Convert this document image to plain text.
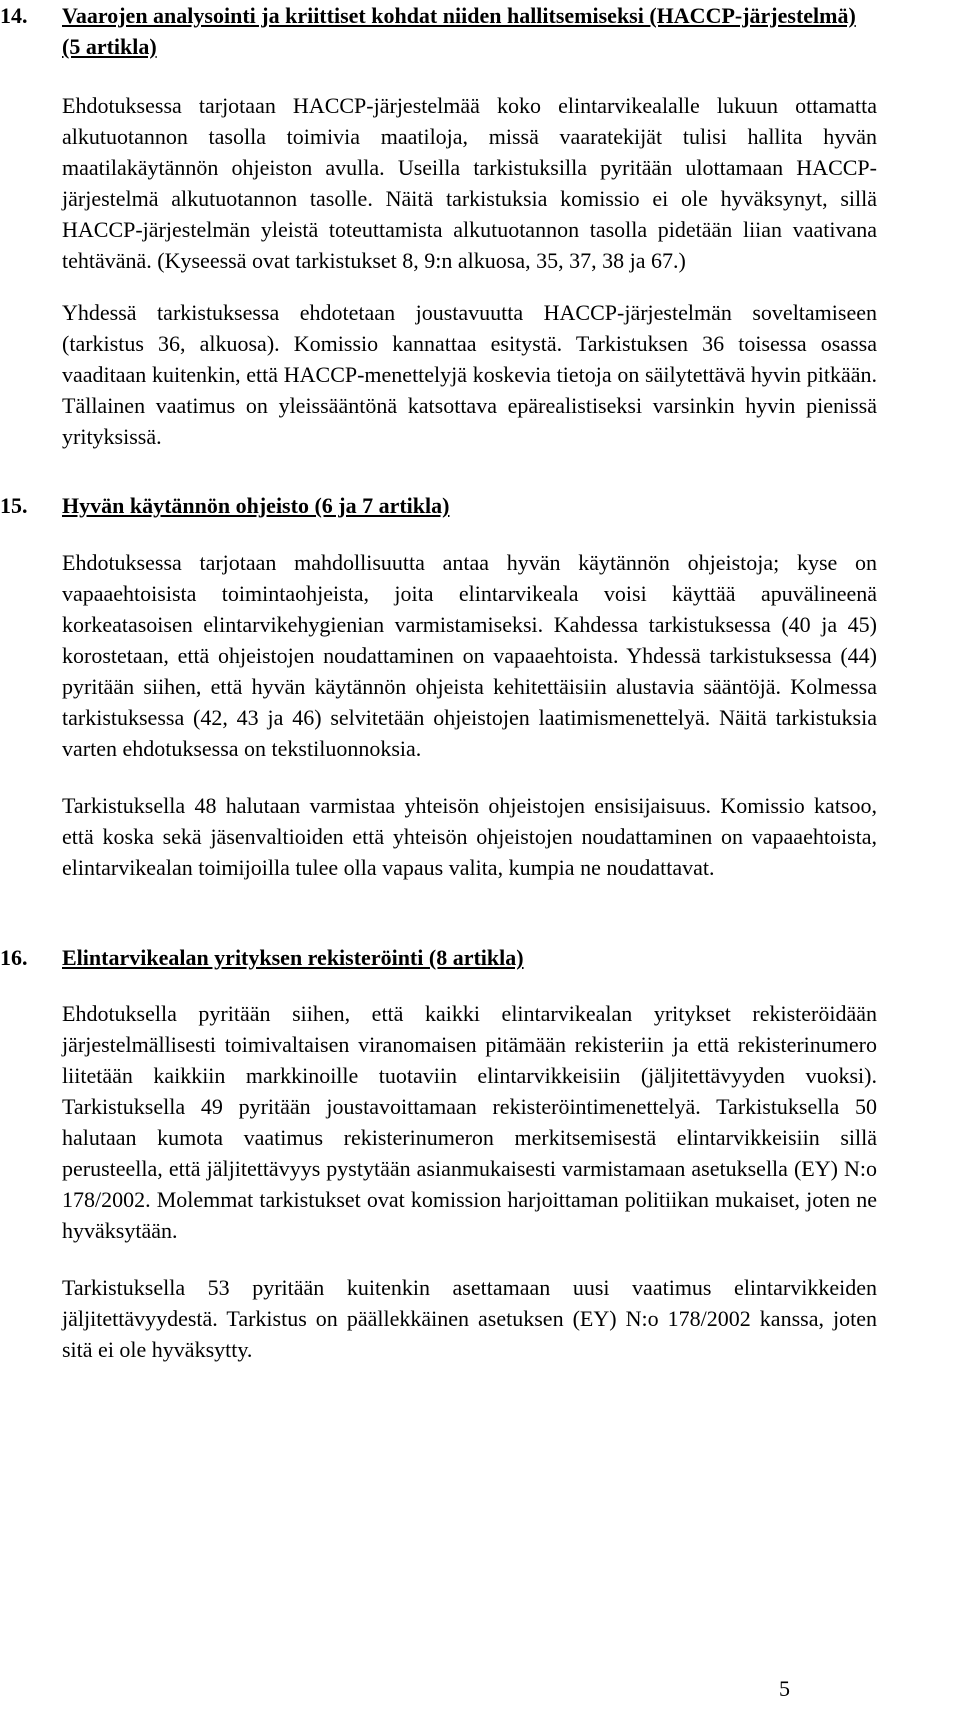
14. Vaarojen analysointi ja kriittiset kohdat niiden hallitsemiseksi (HACCP-järjestelmä) (5 artikla)

Ehdotuksessa tarjotaan HACCP-järjestelmää koko elintarvikealalle lukuun ottamatta alkutuotannon tasolla toimivia maatiloja, missä vaaratekijät tulisi hallita hyvän maatilakäytännön ohjeiston avulla. Useilla tarkistuksilla pyritään ulottamaan HACCP-järjestelmä alkutuotannon tasolle. Näitä tarkistuksia komissio ei ole hyväksynyt, sillä HACCP-järjestelmän yleistä toteuttamista alkutuotannon tasolla pidetään liian vaativana tehtävänä. (Kyseessä ovat tarkistukset 8, 9:n alkuosa, 35, 37, 38 ja 67.)

Yhdessä tarkistuksessa ehdotetaan joustavuutta HACCP-järjestelmän soveltamiseen (tarkistus 36, alkuosa). Komissio kannattaa esitystä. Tarkistuksen 36 toisessa osassa vaaditaan kuitenkin, että HACCP-menettelyjä koskevia tietoja on säilytettävä hyvin pitkään. Tällainen vaatimus on yleissääntönä katsottava epärealistiseksi varsinkin hyvin pienissä yrityksissä.

15. Hyvän käytännön ohjeisto (6 ja 7 artikla)

Ehdotuksessa tarjotaan mahdollisuutta antaa hyvän käytännön ohjeistoja; kyse on vapaaehtoisista toimintaohjeista, joita elintarvikeala voisi käyttää apuvälineenä korkeatasoisen elintarvikehygienian varmistamiseksi. Kahdessa tarkistuksessa (40 ja 45) korostetaan, että ohjeistojen noudattaminen on vapaaehtoista. Yhdessä tarkistuksessa (44) pyritään siihen, että hyvän käytännön ohjeista kehitettäisiin alustavia sääntöjä. Kolmessa tarkistuksessa (42, 43 ja 46) selvitetään ohjeistojen laatimismenettelyä. Näitä tarkistuksia varten ehdotuksessa on tekstiluonnoksia.

Tarkistuksella 48 halutaan varmistaa yhteisön ohjeistojen ensisijaisuus. Komissio katsoo, että koska sekä jäsenvaltioiden että yhteisön ohjeistojen noudattaminen on vapaaehtoista, elintarvikealan toimijoilla tulee olla vapaus valita, kumpia ne noudattavat.

16. Elintarvikealan yrityksen rekisteröinti (8 artikla)

Ehdotuksella pyritään siihen, että kaikki elintarvikealan yritykset rekisteröidään järjestelmällisesti toimivaltaisen viranomaisen pitämään rekisteriin ja että rekisterinumero liitetään kaikkiin markkinoille tuotaviin elintarvikkeisiin (jäljitettävyyden vuoksi). Tarkistuksella 49 pyritään joustavoittamaan rekisteröintimenettelyä. Tarkistuksella 50 halutaan kumota vaatimus rekisterinumeron merkitsemisestä elintarvikkeisiin sillä perusteella, että jäljitettävyys pystytään asianmukaisesti varmistamaan asetuksella (EY) N:o 178/2002. Molemmat tarkistukset ovat komission harjoittaman politiikan mukaiset, joten ne hyväksytään.

Tarkistuksella 53 pyritään kuitenkin asettamaan uusi vaatimus elintarvikkeiden jäljitettävyydestä. Tarkistus on päällekkäinen asetuksen (EY) N:o 178/2002 kanssa, joten sitä ei ole hyväksytty.

5
